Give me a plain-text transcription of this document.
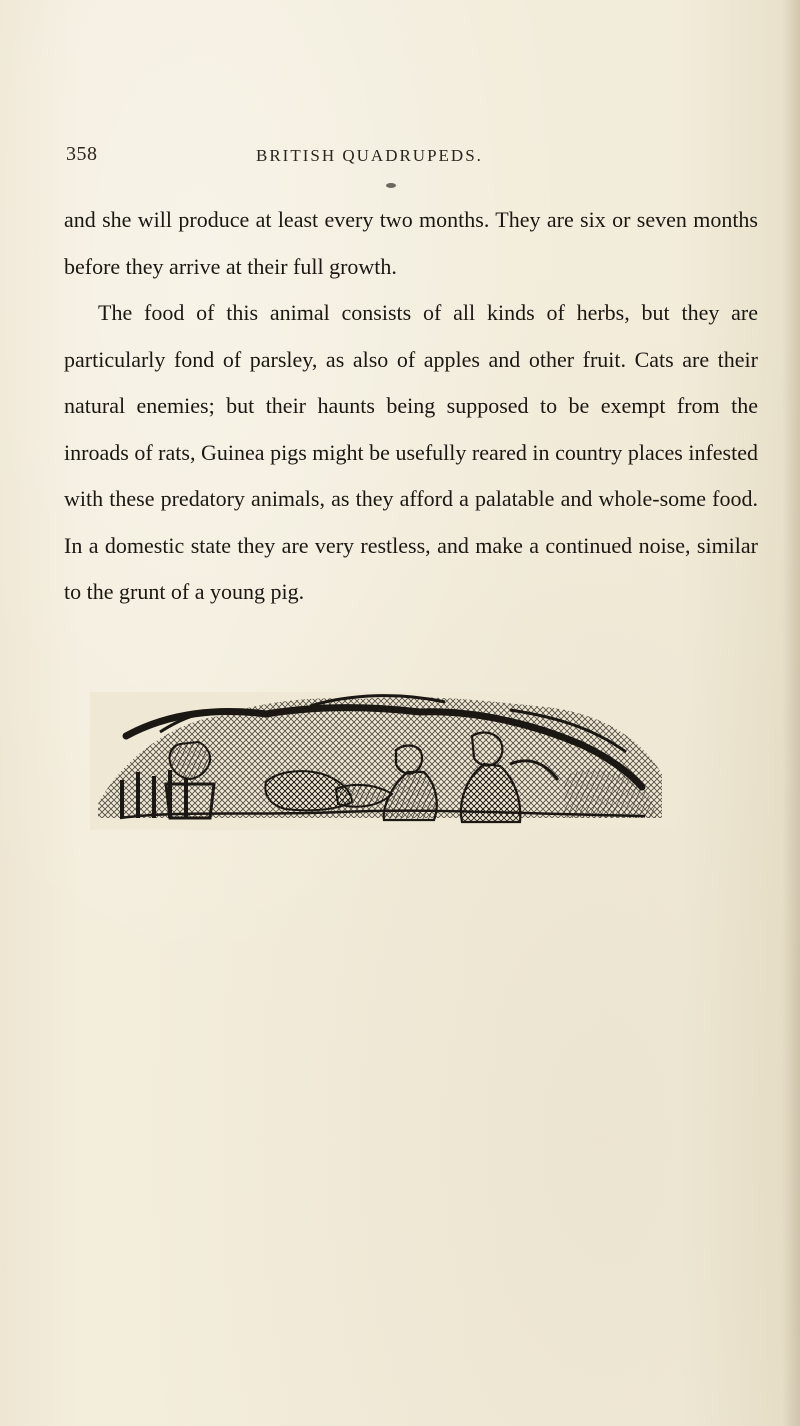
358	BRITISH QUADRUPEDS.

and she will produce at least every two months. They are six or seven months before they arrive at their full growth.

The food of this animal consists of all kinds of herbs, but they are particularly fond of parsley, as also of apples and other fruit. Cats are their natural enemies; but their haunts being supposed to be exempt from the inroads of rats, Guinea pigs might be usefully reared in country places infested with these predatory animals, as they afford a palatable and whole-some food. In a domestic state they are very restless, and make a continued noise, similar to the grunt of a young pig.
